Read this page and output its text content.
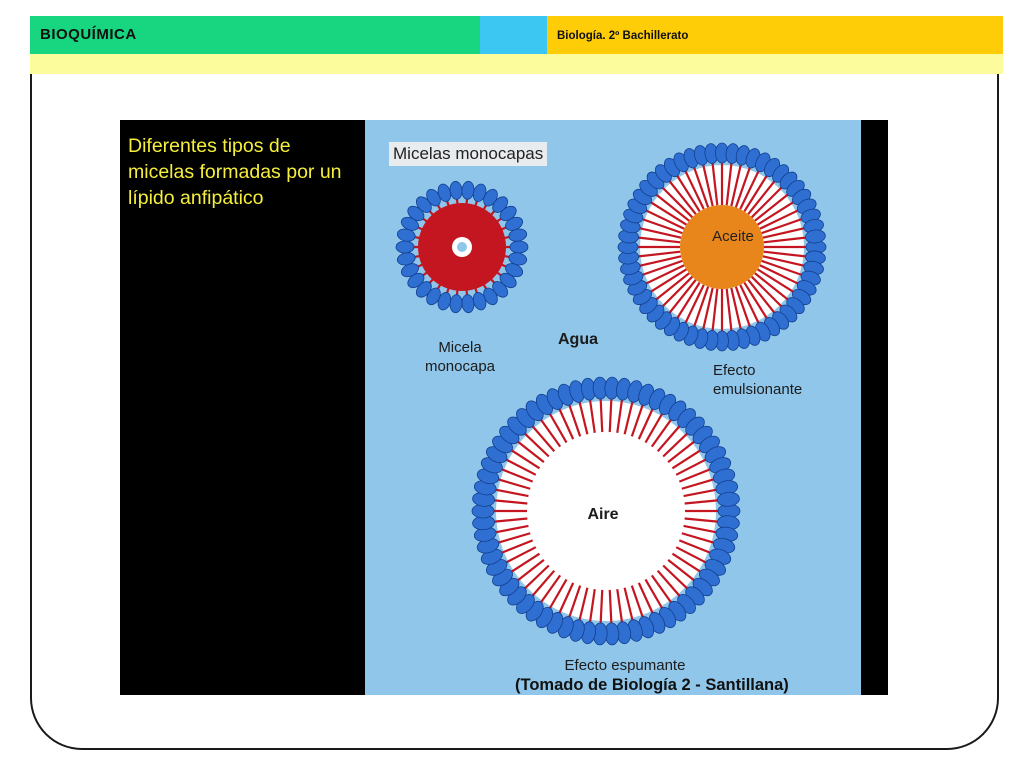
BIOQUÍMICA	Biología. 2º Bachillerato
Diferentes tipos de micelas formadas por un lípido anfipático
Micelas monocapas
Micela monocapa
Agua
Aceite
Efecto emulsionante
Aire
Efecto espumante
(Tomado de Biología 2 - Santillana)
